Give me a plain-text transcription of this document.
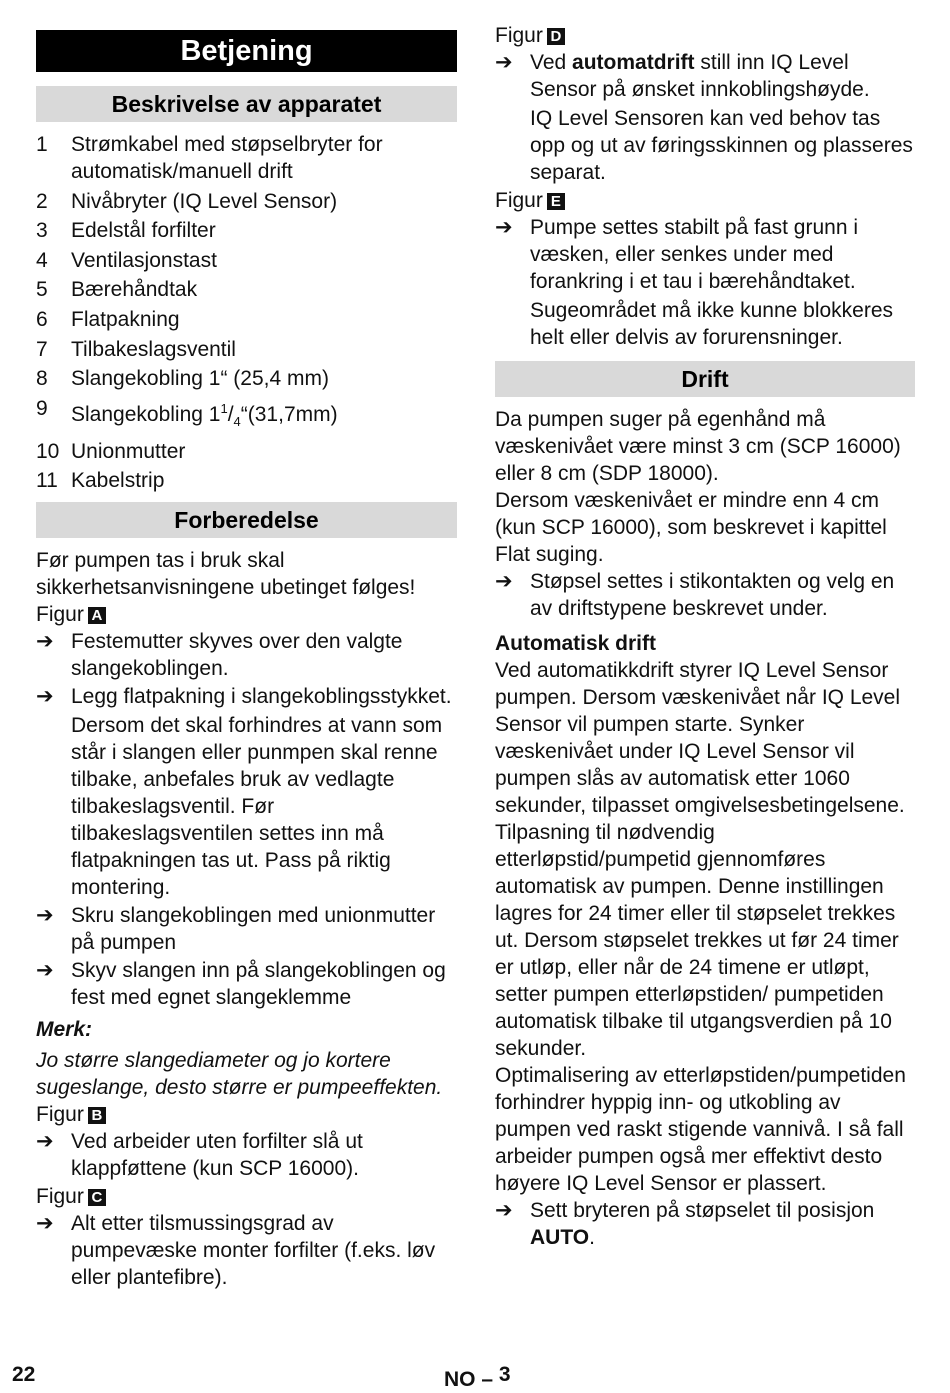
Betjening
Beskrivelse av apparatet
1	Strømkabel med støpselbryter for automatisk/manuell drift
2	Nivåbryter (IQ Level Sensor)
3	Edelstål forfilter
4	Ventilasjonstast
5	Bærehåndtak
6	Flatpakning
7	Tilbakeslagsventil
8	Slangekobling 1“ (25,4 mm)
9	Slangekobling $1^1/_4“(31,7mm)$
10 Unionmutter
11 Kabelstrip
Forberedelse

Før pumpen tas i bruk skal sikkerhetsanvisningene ubetinget følges!

Figur A

➔ Festemutter skyves over den valgte slangekoblingen.

➔ Legg flatpakning i slangekoblingsstykket.

Dersom det skal forhindres at vann som står i slangen eller punmpen skal renne tilbake, anbefales bruk av vedlagte tilbakeslagsventil. Før tilbakeslagsventilen settes inn må flatpakningen tas ut. Pass på riktig montering.

➔ Skru slangekoblingen med unionmutter på pumpen

➔ Skyv slangen inn på slangekoblingen og fest med egnet slangeklemme

Merk:

Jo større slangediameter og jo kortere sugeslange, desto større er pumpeeffekten.

Figur B

➔ Ved arbeider uten forfilter slå ut klappføttene (kun SCP 16000).

Figur C

➔ Alt etter tilsmussingsgrad av pumpevæske monter forfilter (f.eks. løv eller plantefibre).

Figur D

➔ Ved automatdrift still inn IQ Level Sensor på ønsket innkoblingshøyde.

IQ Level Sensoren kan ved behov tas opp og ut av føringsskinnen og plasseres separat.

Figur E

➔ Pumpe settes stabilt på fast grunn i væsken, eller senkes under med forankring i et tau i bærehåndtaket.

Sugeområdet må ikke kunne blokkeres helt eller delvis av forurensninger.

Drift

Da pumpen suger på egenhånd må væskenivået være minst 3 cm (SCP 16000) eller 8 cm (SDP 18000).

Dersom væskenivået er mindre enn 4 cm (kun SCP 16000), som beskrevet i kapittel Flat suging.

➔ Støpsel settes i stikontakten og velg en av driftstypene beskrevet under.

Automatisk drift

Ved automatikkdrift styrer IQ Level Sensor pumpen. Dersom væskenivået når IQ Level Sensor vil pumpen starte. Synker væskenivået under IQ Level Sensor vil pumpen slås av automatisk etter 1060 sekunder, tilpasset omgivelsesbetingelsene. Tilpasning til nødvendig etterløpstid/pumpetid gjennomføres automatisk av pumpen. Denne instillingen lagres for 24 timer eller til støpselet trekkes ut. Dersom støpselet trekkes ut før 24 timer er utløp, eller når de 24 timene er utløpt, setter pumpen etterløpstiden/ pumpetiden automatisk tilbake til utgangsverdien på 10 sekunder.

Optimalisering av etterløpstiden/pumpetiden forhindrer hyppig inn- og utkobling av pumpen ved raskt stigende vannivå. I så fall arbeider pumpen også mer effektivt desto høyere IQ Level Sensor er plassert.

➔ Sett bryteren på støpselet til posisjon AUTO.

22	NO – $^3$
